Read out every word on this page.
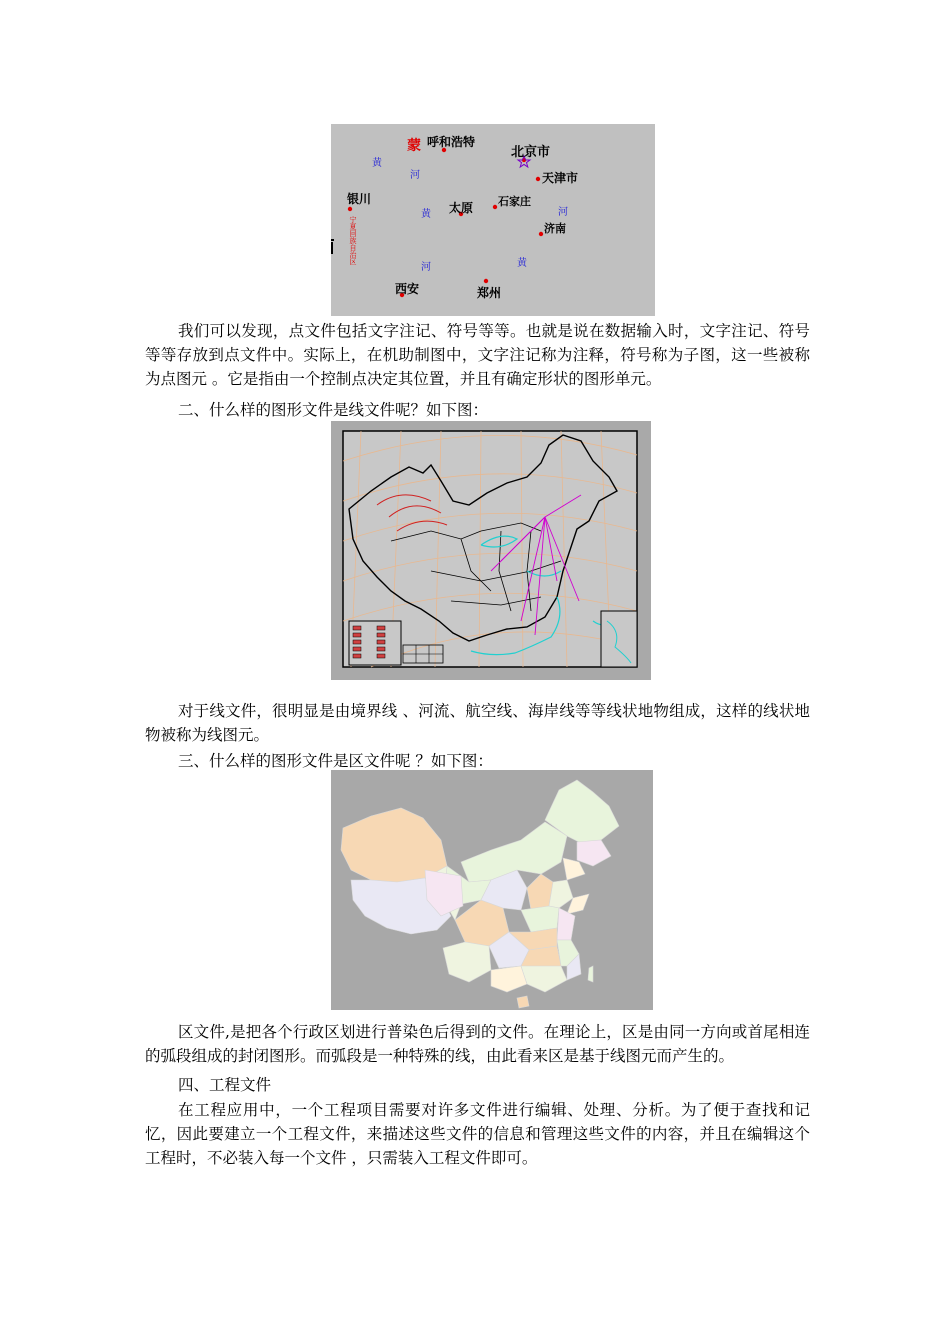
呼和浩特
北京市
天津市
银川
太原 石家庄
济南
西安	郑州
蒙
宁夏回族自治区
黄
河
黄	河
河	黄

我们可以发现，点文件包括文字注记、符号等等。也就是说在数据输入时，文字注记、符号等等存放到点文件中。实际上，在机助制图中，文字注记称为注释，符号称为子图，这一些被称为点图元 。它是指由一个控制点决定其位置，并且有确定形状的图形单元。

二、什么样的图形文件是线文件呢？如下图：

对于线文件，很明显是由境界线 、河流、航空线、海岸线等等线状地物组成，这样的线状地物被称为线图元。

三、什么样的图形文件是区文件呢 ？如下图：

区文件,是把各个行政区划进行普染色后得到的文件。在理论上，区是由同一方向或首尾相连的弧段组成的封闭图形。而弧段是一种特殊的线，由此看来区是基于线图元而产生的。

四、工程文件

在工程应用中，一个工程项目需要对许多文件进行编辑、处理、分析。为了便于查找和记忆，因此要建立一个工程文件，来描述这些文件的信息和管理这些文件的内容，并且在编辑这个工程时，不必装入每一个文件 ，只需装入工程文件即可。
